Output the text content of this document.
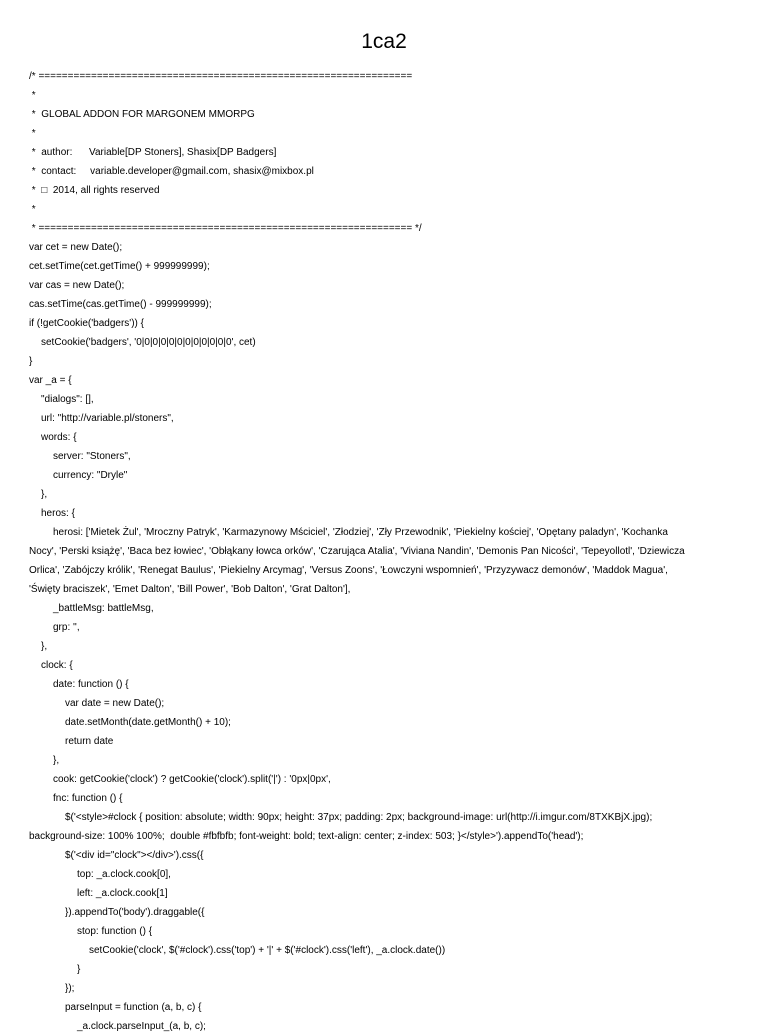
1ca2
/* ================================================================
*
*  GLOBAL ADDON FOR MARGONEM MMORPG
*
*  author:      Variable[DP Stoners], Shasix[DP Badgers]
*  contact:     variable.developer@gmail.com, shasix@mixbox.pl
*  □  2014, all rights reserved
*
* ================================================================ */
var cet = new Date();
cet.setTime(cet.getTime() + 999999999);
var cas = new Date();
cas.setTime(cas.getTime() - 999999999);
if (!getCookie('badgers')) {
setCookie('badgers', '0|0|0|0|0|0|0|0|0|0|0|0', cet)
}
var _a = {
"dialogs": [],
url: "http://variable.pl/stoners",
words: {
server: "Stoners",
currency: "Dryle"
},
heros: {
herosi: ['Mietek Żul', 'Mroczny Patryk', 'Karmazynowy Mściciel', 'Złodziej', 'Zły Przewodnik', 'Piekielny kościej', 'Opętany paladyn', 'Kochanka
Nocy', 'Perski książę', 'Baca bez łowiec', 'Obłąkany łowca orków', 'Czarująca Atalia', 'Viviana Nandin', 'Demonis Pan Nicości', 'Tepeyollotl', 'Dziewicza
Orlica', 'Zabójczy królik', 'Renegat Baulus', 'Piekielny Arcymag', 'Versus Zoons', 'Łowczyni wspomnień', 'Przyzywacz demonów', 'Maddok Magua',
'Święty braciszek', 'Emet Dalton', 'Bill Power', 'Bob Dalton', 'Grat Dalton'],
_battleMsg: battleMsg,
grp: '',
},
clock: {
date: function () {
var date = new Date();
date.setMonth(date.getMonth() + 10);
return date
},
cook: getCookie('clock') ? getCookie('clock').split('|') : '0px|0px',
fnc: function () {
$('<style>#clock { position: absolute; width: 90px; height: 37px; padding: 2px; background-image: url(http://i.imgur.com/8TXKBjX.jpg);
background-size: 100% 100%;  double #fbfbfb; font-weight: bold; text-align: center; z-index: 503; }</style>').appendTo('head');
$('<div id="clock"></div>').css({
top: _a.clock.cook[0],
left: _a.clock.cook[1]
}).appendTo('body').draggable({
stop: function () {
setCookie('clock', $('#clock').css('top') + '|' + $('#clock').css('left'), _a.clock.date())
}
});
parseInput = function (a, b, c) {
_a.clock.parseInput_(a, b, c);
